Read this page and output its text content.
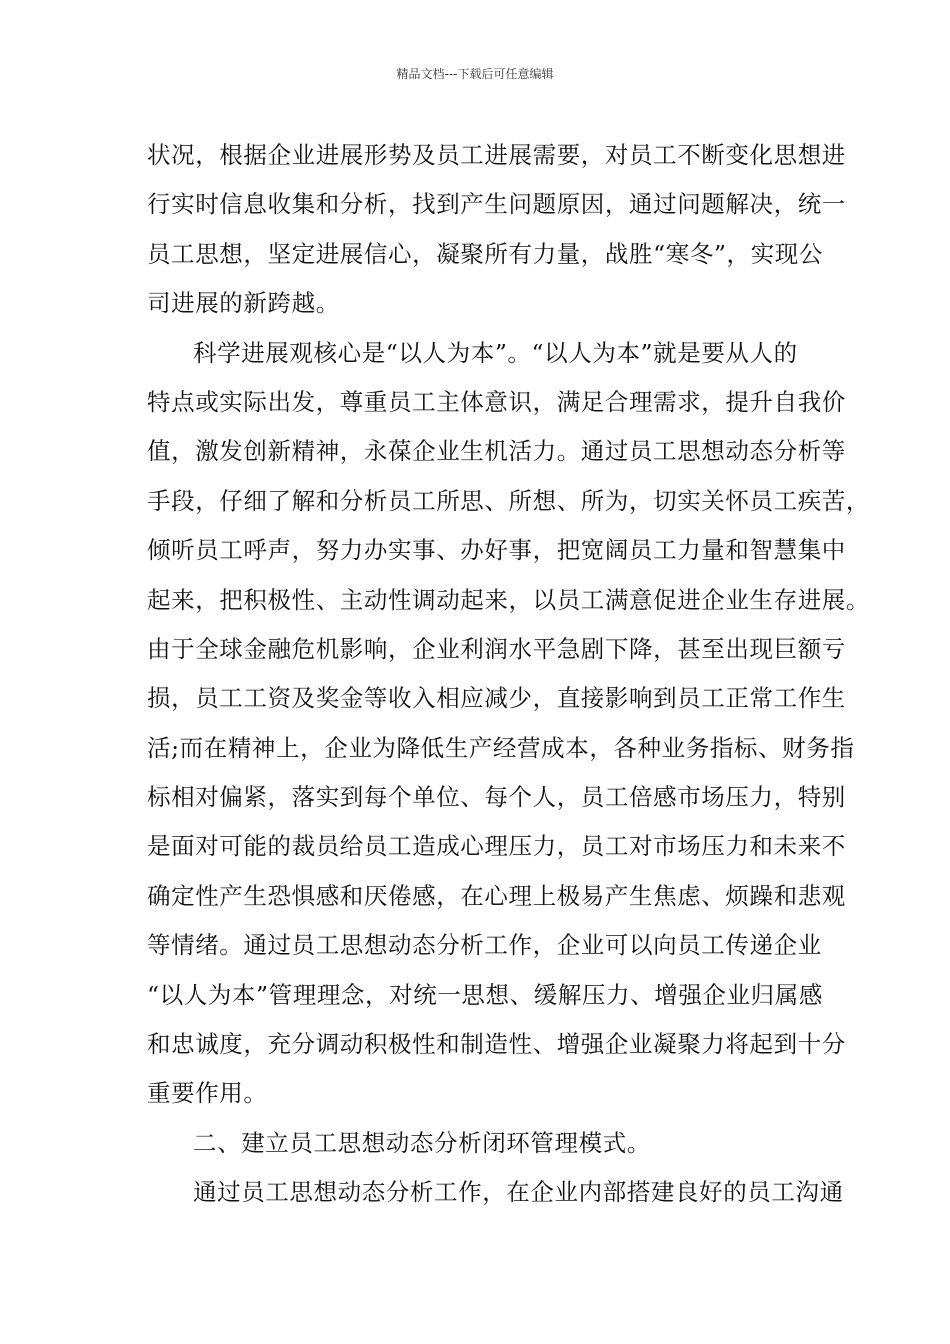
精品文档---下载后可任意编辑
状况，根据企业进展形势及员工进展需要，对员工不断变化思想进
行实时信息收集和分析，找到产生问题原因，通过问题解决，统一
员工思想，坚定进展信心，凝聚所有力量，战胜“寒冬”，实现公
司进展的新跨越。
科学进展观核心是“以人为本”。“以人为本”就是要从人的
特点或实际出发，尊重员工主体意识，满足合理需求，提升自我价
值，激发创新精神，永葆企业生机活力。通过员工思想动态分析等
手段，仔细了解和分析员工所思、所想、所为，切实关怀员工疾苦，
倾听员工呼声，努力办实事、办好事，把宽阔员工力量和智慧集中
起来，把积极性、主动性调动起来，以员工满意促进企业生存进展。
由于全球金融危机影响，企业利润水平急剧下降，甚至出现巨额亏
损，员工工资及奖金等收入相应减少，直接影响到员工正常工作生
活;而在精神上，企业为降低生产经营成本，各种业务指标、财务指
标相对偏紧，落实到每个单位、每个人，员工倍感市场压力，特别
是面对可能的裁员给员工造成心理压力，员工对市场压力和未来不
确定性产生恐惧感和厌倦感，在心理上极易产生焦虑、烦躁和悲观
等情绪。通过员工思想动态分析工作，企业可以向员工传递企业
“以人为本”管理理念，对统一思想、缓解压力、增强企业归属感
和忠诚度，充分调动积极性和制造性、增强企业凝聚力将起到十分
重要作用。
二、建立员工思想动态分析闭环管理模式。
通过员工思想动态分析工作，在企业内部搭建良好的员工沟通
